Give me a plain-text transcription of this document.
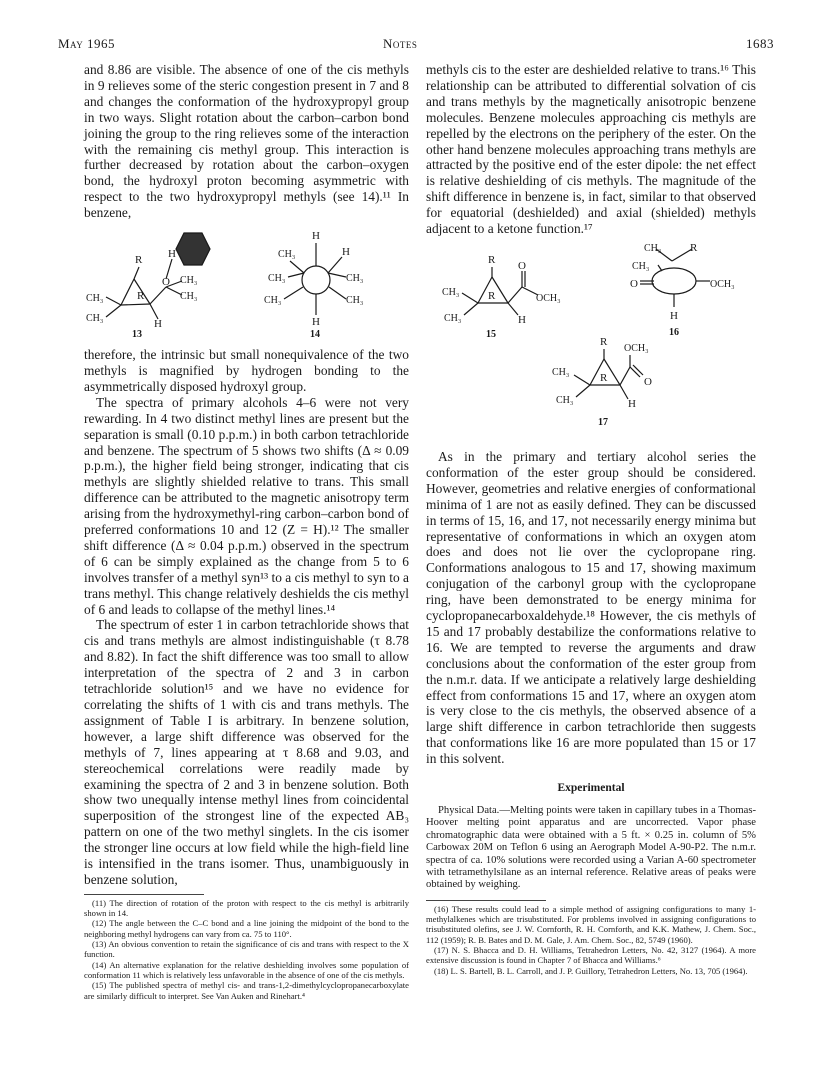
May 1965	Notes	1683

and 8.86 are visible. The absence of one of the cis methyls in 9 relieves some of the steric congestion present in 7 and 8 and changes the conformation of the hydroxypropyl group in two ways. Slight rotation about the carbon–carbon bond joining the group to the ring relieves some of the interaction with the remaining cis methyl group. This interaction is further decreased by rotation about the carbon–oxygen bond, the hydroxyl proton becoming asymmetric with respect to the two hydroxypropyl methyls (see 14).¹¹ In benzene,

R
R
CH₃
CH₃
O
H
CH₃
CH₃
H
13
H
H
CH₃
CH₃	CH₃
CH₃	CH₃
H
14

therefore, the intrinsic but small nonequivalence of the two methyls is magnified by hydrogen bonding to the asymmetrically disposed hydroxyl group.

The spectra of primary alcohols 4–6 were not very rewarding. In 4 two distinct methyl lines are present but the separation is small (0.10 p.p.m.) in both carbon tetrachloride and benzene. The spectrum of 5 shows two shifts (Δ ≈ 0.09 p.p.m.), the higher field being stronger, indicating that cis methyls are slightly shielded relative to trans. This small difference can be attributed to the magnetic anisotropy term arising from the hydroxymethyl-ring carbon–carbon bond of preferred conformations 10 and 12 (Z = H).¹² The smaller shift difference (Δ ≈ 0.04 p.p.m.) observed in the spectrum of 6 can be simply explained as the change from 5 to 6 involves transfer of a methyl syn¹³ to a cis methyl to syn to a trans methyl. This change relatively deshields the cis methyl of 6 and leads to collapse of the methyl lines.¹⁴

The spectrum of ester 1 in carbon tetrachloride shows that cis and trans methyls are almost indistinguishable (τ 8.78 and 8.82). In fact the shift difference was too small to allow interpretation of the spectra of 2 and 3 in carbon tetrachloride solution¹⁵ and we have no evidence for correlating the shifts of 1 with cis and trans methyls. The assignment of Table I is arbitrary. In benzene solution, however, a large shift difference was observed for the methyls of 7, lines appearing at τ 8.68 and 9.03, and stereochemical correlations were readily made by examining the spectra of 2 and 3 in benzene solution. Both show two unequally intense methyl lines from coincidental superposition of the strongest line of the expected AB₃ pattern on one of the two methyl singlets. In the cis isomer the stronger line occurs at low field while the high-field line is intensified in the trans isomer. Thus, unambiguously in benzene solution,

(11) The direction of rotation of the proton with respect to the cis methyl is arbitrarily shown in 14.
(12) The angle between the C–C bond and a line joining the midpoint of the bond to the neighboring methyl hydrogens can vary from ca. 75 to 110°.
(13) An obvious convention to retain the significance of cis and trans with respect to the X function.
(14) An alternative explanation for the relative deshielding involves some population of conformation 11 which is relatively less unfavorable in the absence of one of the cis methyls.
(15) The published spectra of methyl cis- and trans-1,2-dimethylcyclopropanecarboxylate are similarly difficult to interpret. See Van Auken and Rinehart.⁴

methyls cis to the ester are deshielded relative to trans.¹⁶ This relationship can be attributed to differential solvation of cis and trans methyls by the magnetically anisotropic benzene molecules. Benzene molecules approaching cis methyls are repelled by the electrons on the periphery of the ester. On the other hand benzene molecules approaching trans methyls are attracted by the positive end of the ester dipole: the net effect is relative deshielding of cis methyls. The magnitude of the shift difference in benzene is, in fact, similar to that observed for equatorial (deshielded) and axial (shielded) methyls adjacent to a ketone function.¹⁷

R
R
O
OCH₃
CH₃
CH₃	H
15
CH₃	R
CH₃
O	OCH₃
H
16
R
R
OCH₃
O
CH₃
CH₃	H
17

As in the primary and tertiary alcohol series the conformation of the ester group should be considered. However, geometries and relative energies of conformational minima of 1 are not as easily defined. They can be discussed in terms of 15, 16, and 17, not necessarily energy minima but representative of conformations in which an oxygen atom does and does not lie over the cyclopropane ring. Conformations analogous to 15 and 17, showing maximum conjugation of the carbonyl group with the cyclopropane ring, have been demonstrated to be energy minima for cyclopropanecarboxaldehyde.¹⁸ However, the cis methyls of 15 and 17 probably destabilize the conformations relative to 16. We are tempted to reverse the arguments and draw conclusions about the conformation of the ester group from the n.m.r. data. If we anticipate a relatively large deshielding effect from conformations 15 and 17, where an oxygen atom is very close to the cis methyls, the observed absence of a large shift difference in carbon tetrachloride then suggests that conformations like 16 are more populated than 15 or 17 in this solvent.

Experimental
Physical Data.—Melting points were taken in capillary tubes in a Thomas-Hoover melting point apparatus and are uncorrected. Vapor phase chromatographic data were obtained with a 5 ft. × 0.25 in. column of 5% Carbowax 20M on Teflon 6 using an Aerograph Model A-90-P2. The n.m.r. spectra of ca. 10% solutions were recorded using a Varian A-60 spectrometer with tetramethylsilane as an internal reference. Relative areas of peaks were obtained by weighing.
(16) These results could lead to a simple method of assigning configurations to many 1-methylalkenes which are trisubstituted. For problems involved in assigning configurations to trisubstituted olefins, see J. W. Cornforth, R. H. Cornforth, and K.K. Mathew, J. Chem. Soc., 112 (1959); R. B. Bates and D. M. Gale, J. Am. Chem. Soc., 82, 5749 (1960).
(17) N. S. Bhacca and D. H. Williams, Tetrahedron Letters, No. 42, 3127 (1964). A more extensive discussion is found in Chapter 7 of Bhacca and Williams.⁶
(18) L. S. Bartell, B. L. Carroll, and J. P. Guillory, Tetrahedron Letters, No. 13, 705 (1964).
